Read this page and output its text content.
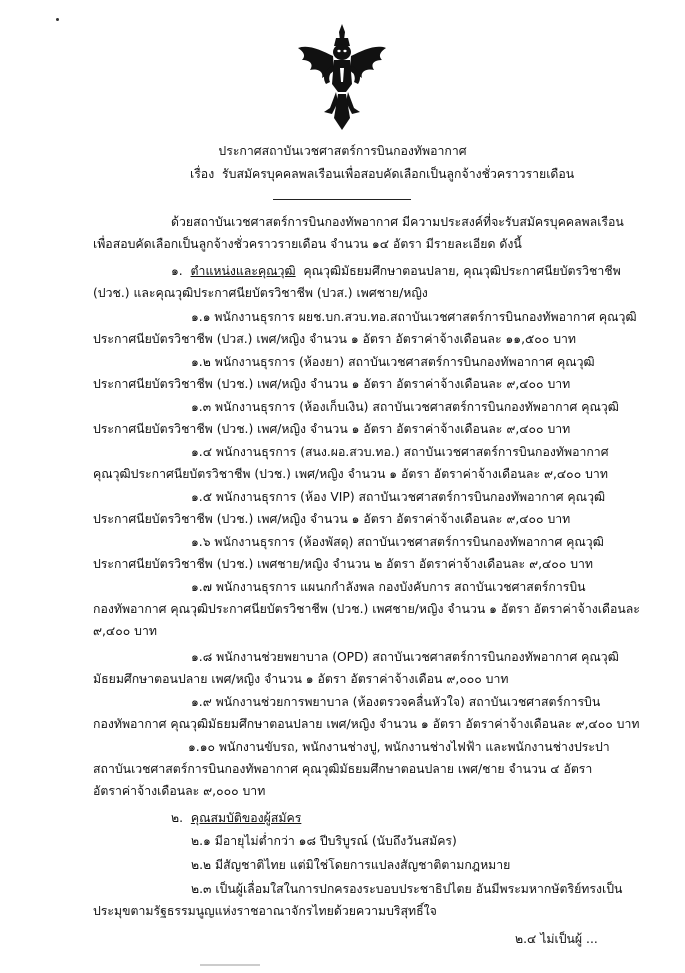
ประกาศสถาบันเวชศาสตร์การบินกองทัพอากาศ
เรื่อง รับสมัครบุคคลพลเรือนเพื่อสอบคัดเลือกเป็นลูกจ้างชั่วคราวรายเดือน
ด้วยสถาบันเวชศาสตร์การบินกองทัพอากาศ มีความประสงค์ที่จะรับสมัครบุคคลพลเรือน
เพื่อสอบคัดเลือกเป็นลูกจ้างชั่วคราวรายเดือน จำนวน ๑๔ อัตรา มีรายละเอียด ดังนี้
๑. ตำแหน่งและคุณวุฒิ คุณวุฒิมัธยมศึกษาตอนปลาย, คุณวุฒิประกาศนียบัตรวิชาชีพ
(ปวช.) และคุณวุฒิประกาศนียบัตรวิชาชีพ (ปวส.) เพศชาย/หญิง
๑.๑ พนักงานธุรการ ผยช.บก.สวบ.ทอ.สถาบันเวชศาสตร์การบินกองทัพอากาศ คุณวุฒิ
ประกาศนียบัตรวิชาชีพ (ปวส.) เพศ/หญิง จำนวน ๑ อัตรา อัตราค่าจ้างเดือนละ ๑๑,๕๐๐ บาท
๑.๒ พนักงานธุรการ (ห้องยา) สถาบันเวชศาสตร์การบินกองทัพอากาศ คุณวุฒิ
ประกาศนียบัตรวิชาชีพ (ปวช.) เพศ/หญิง จำนวน ๑ อัตรา อัตราค่าจ้างเดือนละ ๙,๔๐๐ บาท
๑.๓ พนักงานธุรการ (ห้องเก็บเงิน) สถาบันเวชศาสตร์การบินกองทัพอากาศ คุณวุฒิ
ประกาศนียบัตรวิชาชีพ (ปวช.) เพศ/หญิง จำนวน ๑ อัตรา อัตราค่าจ้างเดือนละ ๙,๔๐๐ บาท
๑.๔ พนักงานธุรการ (สนง.ผอ.สวบ.ทอ.) สถาบันเวชศาสตร์การบินกองทัพอากาศ
คุณวุฒิประกาศนียบัตรวิชาชีพ (ปวช.) เพศ/หญิง จำนวน ๑ อัตรา อัตราค่าจ้างเดือนละ ๙,๔๐๐ บาท
๑.๕ พนักงานธุรการ (ห้อง VIP) สถาบันเวชศาสตร์การบินกองทัพอากาศ คุณวุฒิ
ประกาศนียบัตรวิชาชีพ (ปวช.) เพศ/หญิง จำนวน ๑ อัตรา อัตราค่าจ้างเดือนละ ๙,๔๐๐ บาท
๑.๖ พนักงานธุรการ (ห้องพัสดุ) สถาบันเวชศาสตร์การบินกองทัพอากาศ คุณวุฒิ
ประกาศนียบัตรวิชาชีพ (ปวช.) เพศชาย/หญิง จำนวน ๒ อัตรา อัตราค่าจ้างเดือนละ ๙,๔๐๐ บาท
๑.๗ พนักงานธุรการ แผนกกำลังพล กองบังคับการ สถาบันเวชศาสตร์การบิน
กองทัพอากาศ คุณวุฒิประกาศนียบัตรวิชาชีพ (ปวช.) เพศชาย/หญิง จำนวน ๑ อัตรา อัตราค่าจ้างเดือนละ
๙,๔๐๐ บาท
๑.๘ พนักงานช่วยพยาบาล (OPD) สถาบันเวชศาสตร์การบินกองทัพอากาศ คุณวุฒิ
มัธยมศึกษาตอนปลาย เพศ/หญิง จำนวน ๑ อัตรา อัตราค่าจ้างเดือน ๙,๐๐๐ บาท
๑.๙ พนักงานช่วยการพยาบาล (ห้องตรวจคลื่นหัวใจ) สถาบันเวชศาสตร์การบิน
กองทัพอากาศ คุณวุฒิมัธยมศึกษาตอนปลาย เพศ/หญิง จำนวน ๑ อัตรา อัตราค่าจ้างเดือนละ ๙,๔๐๐ บาท
๑.๑๐ พนักงานขับรถ, พนักงานช่างปู, พนักงานช่างไฟฟ้า และพนักงานช่างประปา
สถาบันเวชศาสตร์การบินกองทัพอากาศ คุณวุฒิมัธยมศึกษาตอนปลาย เพศ/ชาย จำนวน ๔ อัตรา
อัตราค่าจ้างเดือนละ ๙,๐๐๐ บาท
๒. คุณสมบัติของผู้สมัคร
๒.๑ มีอายุไม่ต่ำกว่า ๑๘ ปีบริบูรณ์ (นับถึงวันสมัคร)
๒.๒ มีสัญชาติไทย แต่มิใช่โดยการแปลงสัญชาติตามกฎหมาย
๒.๓ เป็นผู้เลื่อมใสในการปกครองระบอบประชาธิปไตย อันมีพระมหากษัตริย์ทรงเป็น
ประมุขตามรัฐธรรมนูญแห่งราชอาณาจักรไทยด้วยความบริสุทธิ์ใจ
๒.๔ ไม่เป็นผู้ ...
